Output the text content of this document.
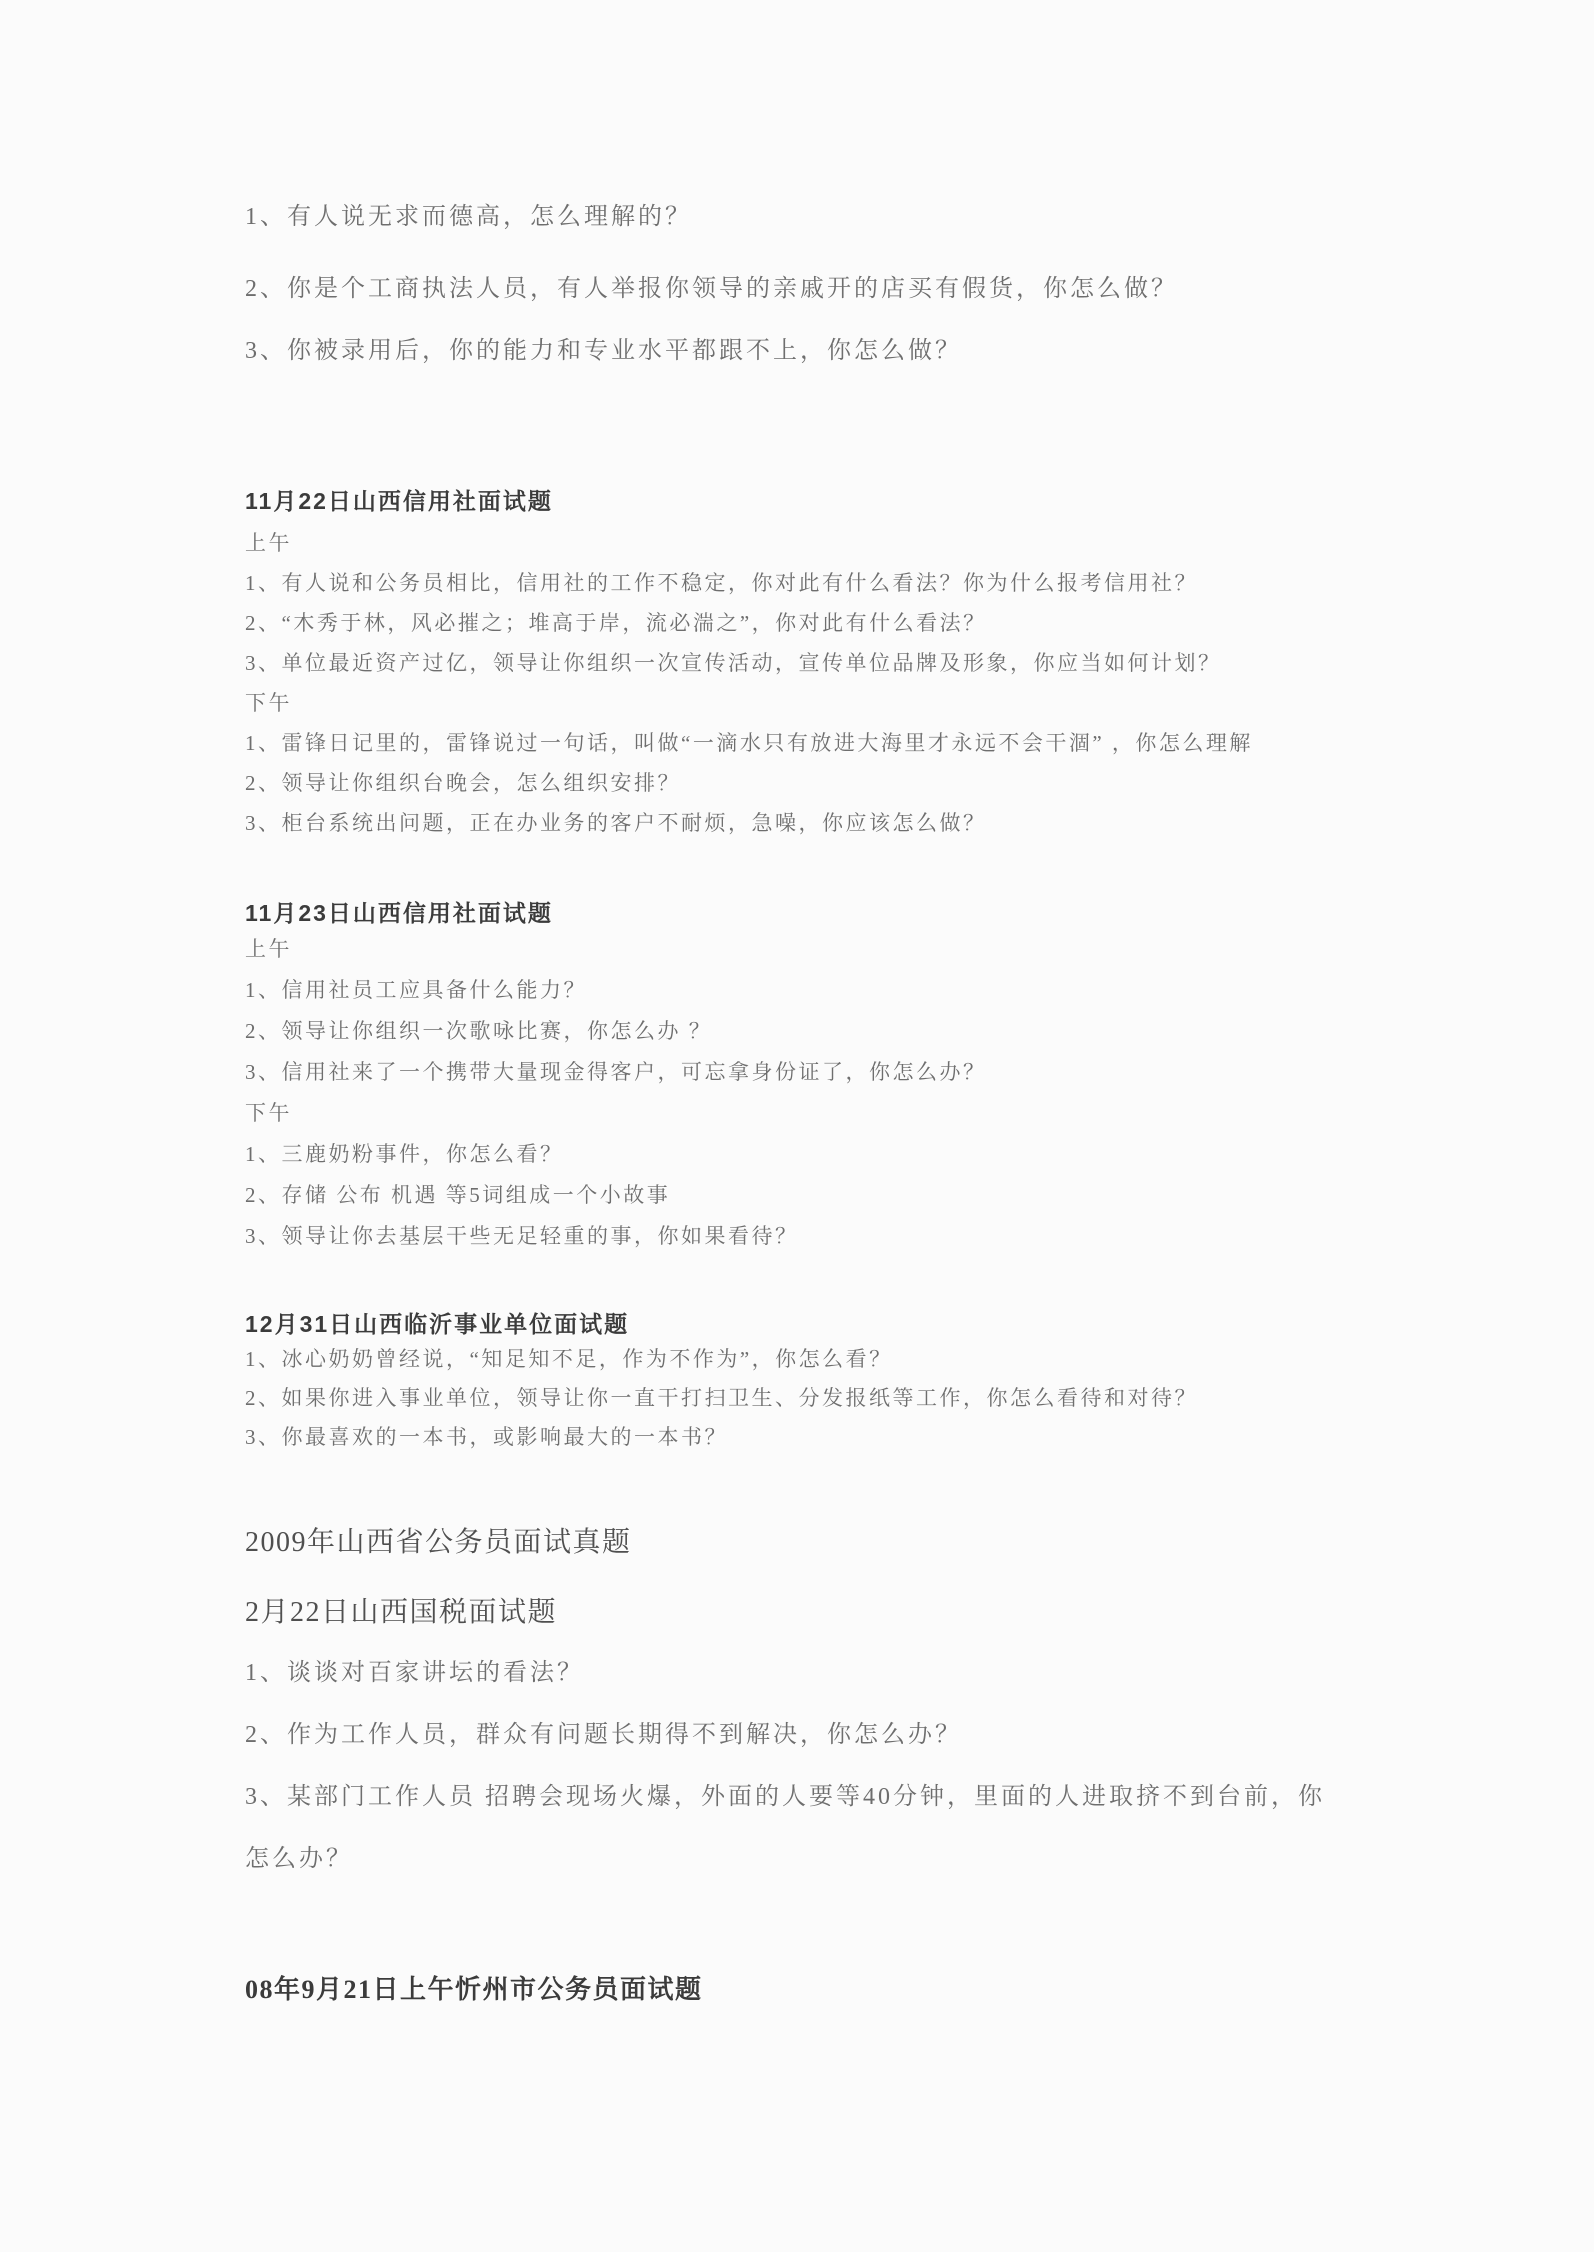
1、有人说无求而德高，怎么理解的？

2、你是个工商执法人员，有人举报你领导的亲戚开的店买有假货，你怎么做？

3、你被录用后，你的能力和专业水平都跟不上，你怎么做？

11月22日山西信用社面试题
上午
1、有人说和公务员相比，信用社的工作不稳定，你对此有什么看法？你为什么报考信用社？
2、“木秀于林，风必摧之；堆高于岸，流必湍之”，你对此有什么看法？
3、单位最近资产过亿，领导让你组织一次宣传活动，宣传单位品牌及形象，你应当如何计划？
下午
1、雷锋日记里的，雷锋说过一句话，叫做“一滴水只有放进大海里才永远不会干涸” ，你怎么理解
2、领导让你组织台晚会，怎么组织安排？
3、柜台系统出问题，正在办业务的客户不耐烦，急噪，你应该怎么做？
11月23日山西信用社面试题
上午
1、信用社员工应具备什么能力？
2、领导让你组织一次歌咏比赛，你怎么办 ？
3、信用社来了一个携带大量现金得客户，可忘拿身份证了，你怎么办？
下午
1、三鹿奶粉事件，你怎么看？
2、存储 公布 机遇 等5词组成一个小故事
3、领导让你去基层干些无足轻重的事，你如果看待？
12月31日山西临沂事业单位面试题
1、冰心奶奶曾经说，“知足知不足，作为不作为”，你怎么看？
2、如果你进入事业单位，领导让你一直干打扫卫生、分发报纸等工作，你怎么看待和对待？
3、你最喜欢的一本书，或影响最大的一本书？
2009年山西省公务员面试真题
2月22日山西国税面试题

1、谈谈对百家讲坛的看法？

2、作为工作人员，群众有问题长期得不到解决，你怎么办？

3、某部门工作人员 招聘会现场火爆，外面的人要等40分钟，里面的人进取挤不到台前，你

怎么办？

08年9月21日上午忻州市公务员面试题
